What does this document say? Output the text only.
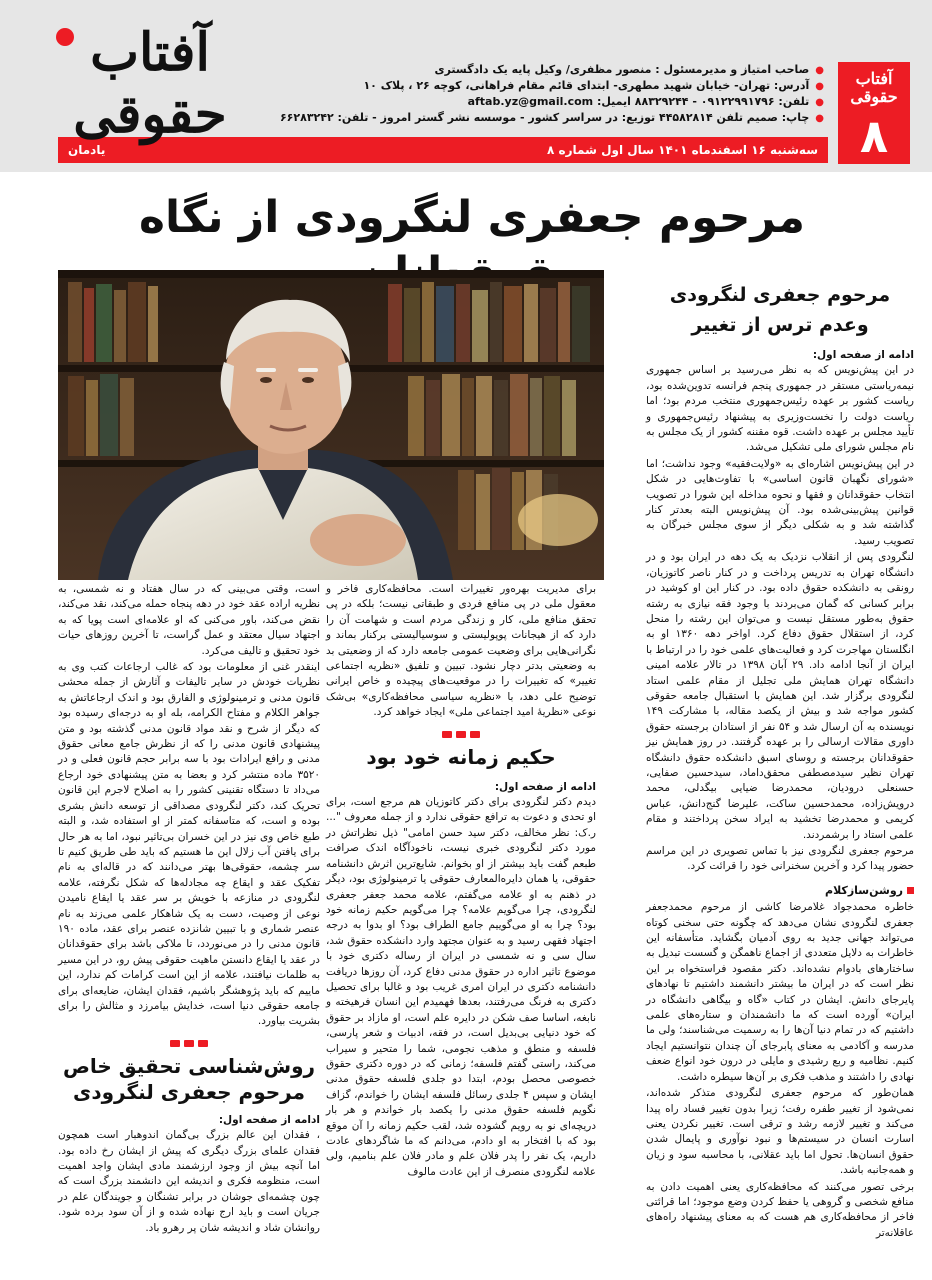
آفتاب حقوقی
۸
●
صاحب امتیاز و مدیرمسئول : منصور مظفری/ وکیل پایه یک دادگستری
●
آدرس: تهران- خیابان شهید مطهری- ابتدای قائم مقام فراهانی، کوچه ۲۶ ، پلاک ۱۰
●
تلفن: ۰۹۱۲۲۹۹۱۷۹۶ - ۸۸۳۲۹۲۴۴ ایمیل: aftab.yz@gmail.com
●
چاپ: صمیم تلفن ۴۴۵۸۲۸۱۴ توزیع: در سراسر کشور - موسسه نشر گستر امروز - تلفن: ۶۶۲۸۳۲۴۲
سه‌شنبه ۱۶ اسفندماه ۱۴۰۱ سال اول شماره ۸
یادمان
آفتاب حقوقی
مرحوم جعفری لنگرودی از نگاه
مرحوم جعفری لنگرودی
وعدم ترس از تغییر
ادامه از صفحه اول:

در این پیش‌نویس که به نظر می‌رسید بر اساس جمهوری نیمه‌ریاستی مستقر در جمهوری پنجم فرانسه تدوین‌شده بود، ریاست کشور بر عهده رئیس‌جمهوری منتخب مردم بود؛ اما ریاست دولت را نخست‌وزیری به پیشنهاد رئیس‌جمهوری و تأیید مجلس بر عهده داشت. قوه مقننه کشور از یک مجلس به نام مجلس شورای ملی تشکیل می‌شد.

در این پیش‌نویس اشاره‌ای به «ولایت‌فقیه» وجود نداشت؛ اما «شورای نگهبان قانون اساسی» با تفاوت‌هایی در شکل انتخاب حقوقدانان و فقها و نحوه مداخله این شورا در تصویب قوانین پیش‌بینی‌شده بود. آن پیش‌نویس البته بعدتر کنار گذاشته شد و به شکلی دیگر از سوی مجلس خبرگان به تصویب رسید.

لنگرودی پس از انقلاب نزدیک به یک دهه در ایران بود و در دانشگاه تهران به تدریس پرداخت و در کنار ناصر کاتوزیان، رونقی به دانشکده حقوق داده بود. در کنار این او کوشید در برابر کسانی که گمان می‌بردند با وجود فقه نیازی به رشته حقوق به‌طور مستقل نیست و می‌توان این رشته را منحل کرد، از استقلال حقوق دفاع کرد. اواخر دهه ۱۳۶۰ او به انگلستان مهاجرت کرد و فعالیت‌های علمی خود را در ارتباط با ایران از آنجا ادامه داد. ۲۹ آبان ۱۳۹۸ در تالار علامه امینی دانشگاه تهران همایش ملی تجلیل از مقام علمی استاد لنگرودی برگزار شد. این همایش با استقبال جامعه حقوقی کشور مواجه شد و بیش از یکصد مقاله، با مشارکت ۱۴۹ نویسنده به آن ارسال شد و ۵۴ نفر از استادان برجسته حقوق داوری مقالات ارسالی را بر عهده گرفتند. در روز همایش نیز حقوقدانان برجسته و روسای اسبق دانشکده حقوق دانشگاه تهران نظیر سیدمصطفی محقق‌داماد، سیدحسین صفایی، حسنعلی درودیان، محمدرضا ضیایی بیگدلی، محمد درویش‌زاده، محمدحسین ساکت، علیرضا گنج‌دانش، عباس کریمی و محمدرضا تخشید به ایراد سخن پرداختند و مقام علمی استاد را برشمردند.

مرحوم جعفری لنگرودی نیز با تماس تصویری در این مراسم حضور پیدا کرد و آخرین سخنرانی خود را قرائت کرد.

روشن‌سازکلام

خاطره محمدجواد غلامرضا کاشی از مرحوم محمدجعفر جعفری لنگرودی نشان می‌دهد که چگونه حتی سخنی کوتاه می‌تواند جهانی جدید به روی آدمیان بگشاید. متأسفانه این خاطرات به دلایل متعددی از اجماع ناهمگن و گسست تبدیل به ساختارهای بادوام نشده‌اند. دکتر مقصود فراستخواه بر این نظر است که در ایران ما بیشتر دانشمند داشتیم تا نهادهای پایرجای دانش. ایشان در کتاب «گاه و بیگاهی دانشگاه در ایران» آورده است که ما دانشمندان و ستاره‌های علمی داشتیم که در تمام دنیا آن‌ها را به رسمیت می‌شناسند؛ ولی ما مدرسه و آکادمی به معنای پابرجای آن چندان نتوانستیم ایجاد کنیم. نظامیه و ربع رشیدی و مایلی در درون خود انواع ضعف نهادی را داشتند و مذهب فکری بر آن‌ها سیطره داشت.

همان‌طور که مرحوم جعفری لنگرودی متذکر شده‌اند، نمی‌شود از تغییر طفره رفت؛ زیرا بدون تغییر فساد راه پیدا می‌کند و تغییر لازمه رشد و ترقی است. تغییر نکردن یعنی اسارت انسان در سیستم‌ها و نبود نوآوری و پایمال شدن حقوق انسان‌ها. تحول اما باید عقلانی، با محاسبه سود و زیان و همه‌جانبه باشد.

برخی تصور می‌کنند که محافظه‌کاری یعنی اهمیت دادن به منافع شخصی و گروهی یا حفظ کردن وضع موجود؛ اما قرائتی فاخر از محافظه‌کاری هم هست که به معنای پیشنهاد راه‌های عاقلانه‌تر

برای مدیریت بهره‌ور تغییرات است. محافظه‌کاری فاخر و معقول ملی در پی منافع فردی و طبقاتی نیست؛ بلکه در پی تحقق منافع ملی، کار و زندگی مردم است و شهامت آن را دارد که از هیجانات پوپولیستی و سوسیالیستی برکنار بماند و نگرانی‌هایی برای وضعیت عمومی جامعه دارد که از وضعیتی بد به وضعیتی بدتر دچار نشود. تبیین و تلفیق «نظریه اجتماعی تغییر» که تغییرات را در موقعیت‌های پیچیده و خاص ایرانی توضیح علی دهد، با «نظریه سیاسی محافظه‌کاری» بی‌شک نوعی «نظریهٔ امید اجتماعی ملی» ایجاد خواهد کرد.

حکیم زمانه خود بود
ادامه از صفحه اول:

دیدم دکتر لنگرودی برای دکتر کاتوزیان هم مرجع است، برای او تحدی و دعوت به ترافع حقوقی ندارد و از جمله معروف "... ر.ک: نظر مخالف، دکتر سید حسن امامی" ذیل نظراتش در مورد دکتر لنگرودی خبری نیست، ناخودآگاه اندک صرافت طبعم گفت باید بیشتر از او بخوانم. شایع‌ترین اثرش دانشنامه حقوقی، یا همان دایره‌المعارف حقوقی یا ترمینولوژی بود، دیگر در ذهنم به او علامه می‌گفتم، علامه محمد جعفر جعفری لنگرودی، چرا می‌گویم علامه؟ چرا می‌گویم حکیم زمانه خود بود؟ چرا به او می‌گوییم جامع الطراف بود؟ او بدوا به درجه اجتهاد فقهی رسید و به عنوان مجتهد وارد دانشکده حقوق شد، سال سی و نه شمسی در ایران از رساله دکتری خود با موضوع تاثیر اداره در حقوق مدنی دفاع کرد، آن روزها دریافت دانشنامه دکتری در ایران امری غریب بود و غالبا برای تحصیل دکتری به فرنگ می‌رفتند، بعدها فهمیدم این انسان فرهیخته و نابغه، اساسا صف شکن در دایره علم است، او مازاد بر حقوق که خود دنیایی بی‌بدیل است، در فقه، ادبیات و شعر پارسی، فلسفه و منطق و مذهب نجومی، شما را متحیر و سیراب می‌کند، راستی گفتم فلسفه؛ زمانی که در دوره دکتری حقوق خصوصی محصل بودم، ابتدا دو جلدی فلسفه حقوق مدنی ایشان و سپس ۴ جلدی رسائل فلسفه ایشان را خواندم، گزاف نگویم فلسفه حقوق مدنی را یکصد بار خواندم و هر بار دریچه‌ای نو به رویم گشوده شد، لقب حکیم زمانه را آن موقع بود که با افتخار به او دادم، می‌دانم که ما شاگردهای عادت داریم، یک نفر را پدر فلان علم و مادر فلان علم بنامیم، ولی علامه لنگرودی منصرف از این عادت مالوف

است، وقتی می‌بینی که در سال هفتاد و نه شمسی، به نظریه اراده عقد خود در دهه پنجاه حمله می‌کند، نقد می‌کند، نقض می‌کند، باور می‌کنی که او علامه‌ای است پویا که به اجتهاد سیال معتقد و عمل گراست، تا آخرین روزهای حیات خود تحقیق و تالیف می‌کرد.

اینقدر غنی از معلومات بود که غالب ارجاعات کتب وی به نظریات خودش در سایر تالیفات و آثارش از جمله محشی قانون مدنی و ترمینولوژی و الفارق بود و اندک ارجاعاتش به جواهر الکلام و مفتاح الکرامه، بله او به درجه‌ای رسیده بود که دیگر از شرح و نقد مواد قانون مدنی گذشته بود و متن پیشنهادی قانون مدنی را که از نظرش جامع معانی حقوق مدنی و رافع ایرادات بود با سه برابر حجم قانون فعلی و در ۳۵۲۰ ماده منتشر کرد و بعضا به متن پیشنهادی خود ارجاع می‌داد تا دستگاه تقنینی کشور را به اصلاح لاجرم این قانون تحریک کند، دکتر لنگرودی مصداقی از توسعه دانش بشری بوده و است، که متاسفانه کمتر از او استفاده شد، و البته طبع خاص وی نیز در این خسران بی‌تاثیر نبود، اما به هر حال برای یافتن آب زلال این ما هستیم که باید طی طریق کنیم تا سر چشمه، حقوقی‌ها بهتر می‌دانند که در قاله‌ای به نام تفکیک عقد و ایقاع چه مجادله‌ها که شکل نگرفته، علامه لنگرودی در منازعه با خویش بر سر عقد یا ایقاع نامیدن نوعی از وصیت، دست به یک شاهکار علمی می‌زند به نام عنصر شماری و با تبیین شانزده عنصر برای عقد، ماده ۱۹۰ قانون مدنی را در می‌نوردد، تا ملاکی باشد برای حقوقدانان در عقد یا ایقاع دانستن ماهیت حقوقی پیش رو، در این مسیر به ظلمات نیافتند، علامه از این است کرامات کم ندارد، این ماییم که باید پژوهشگر باشیم، فقدان ایشان، ضایعه‌ای برای جامعه حقوقی دنیا است، خدایش بیامرزد و مثالش را برای بشریت بیاورد.

روش‌شناسی تحقیق خاص
مرحوم جعفری لنگرودی
ادامه از صفحه اول:

، فقدان این عالم بزرگ بی‌گمان اندوهبار است همچون فقدان علمای بزرگ دیگری که پیش از ایشان رخ داده بود. اما آنچه بیش از وجود ارزشمند مادی ایشان واجد اهمیت است، منظومه فکری و اندیشه این دانشمند بزرگ است که چون چشمه‌ای جوشان در برابر تشنگان و جویندگان علم در جریان است و باید ارج نهاده شده و از آن سود برده شود. روانشان شاد و اندیشه شان پر رهرو باد.
